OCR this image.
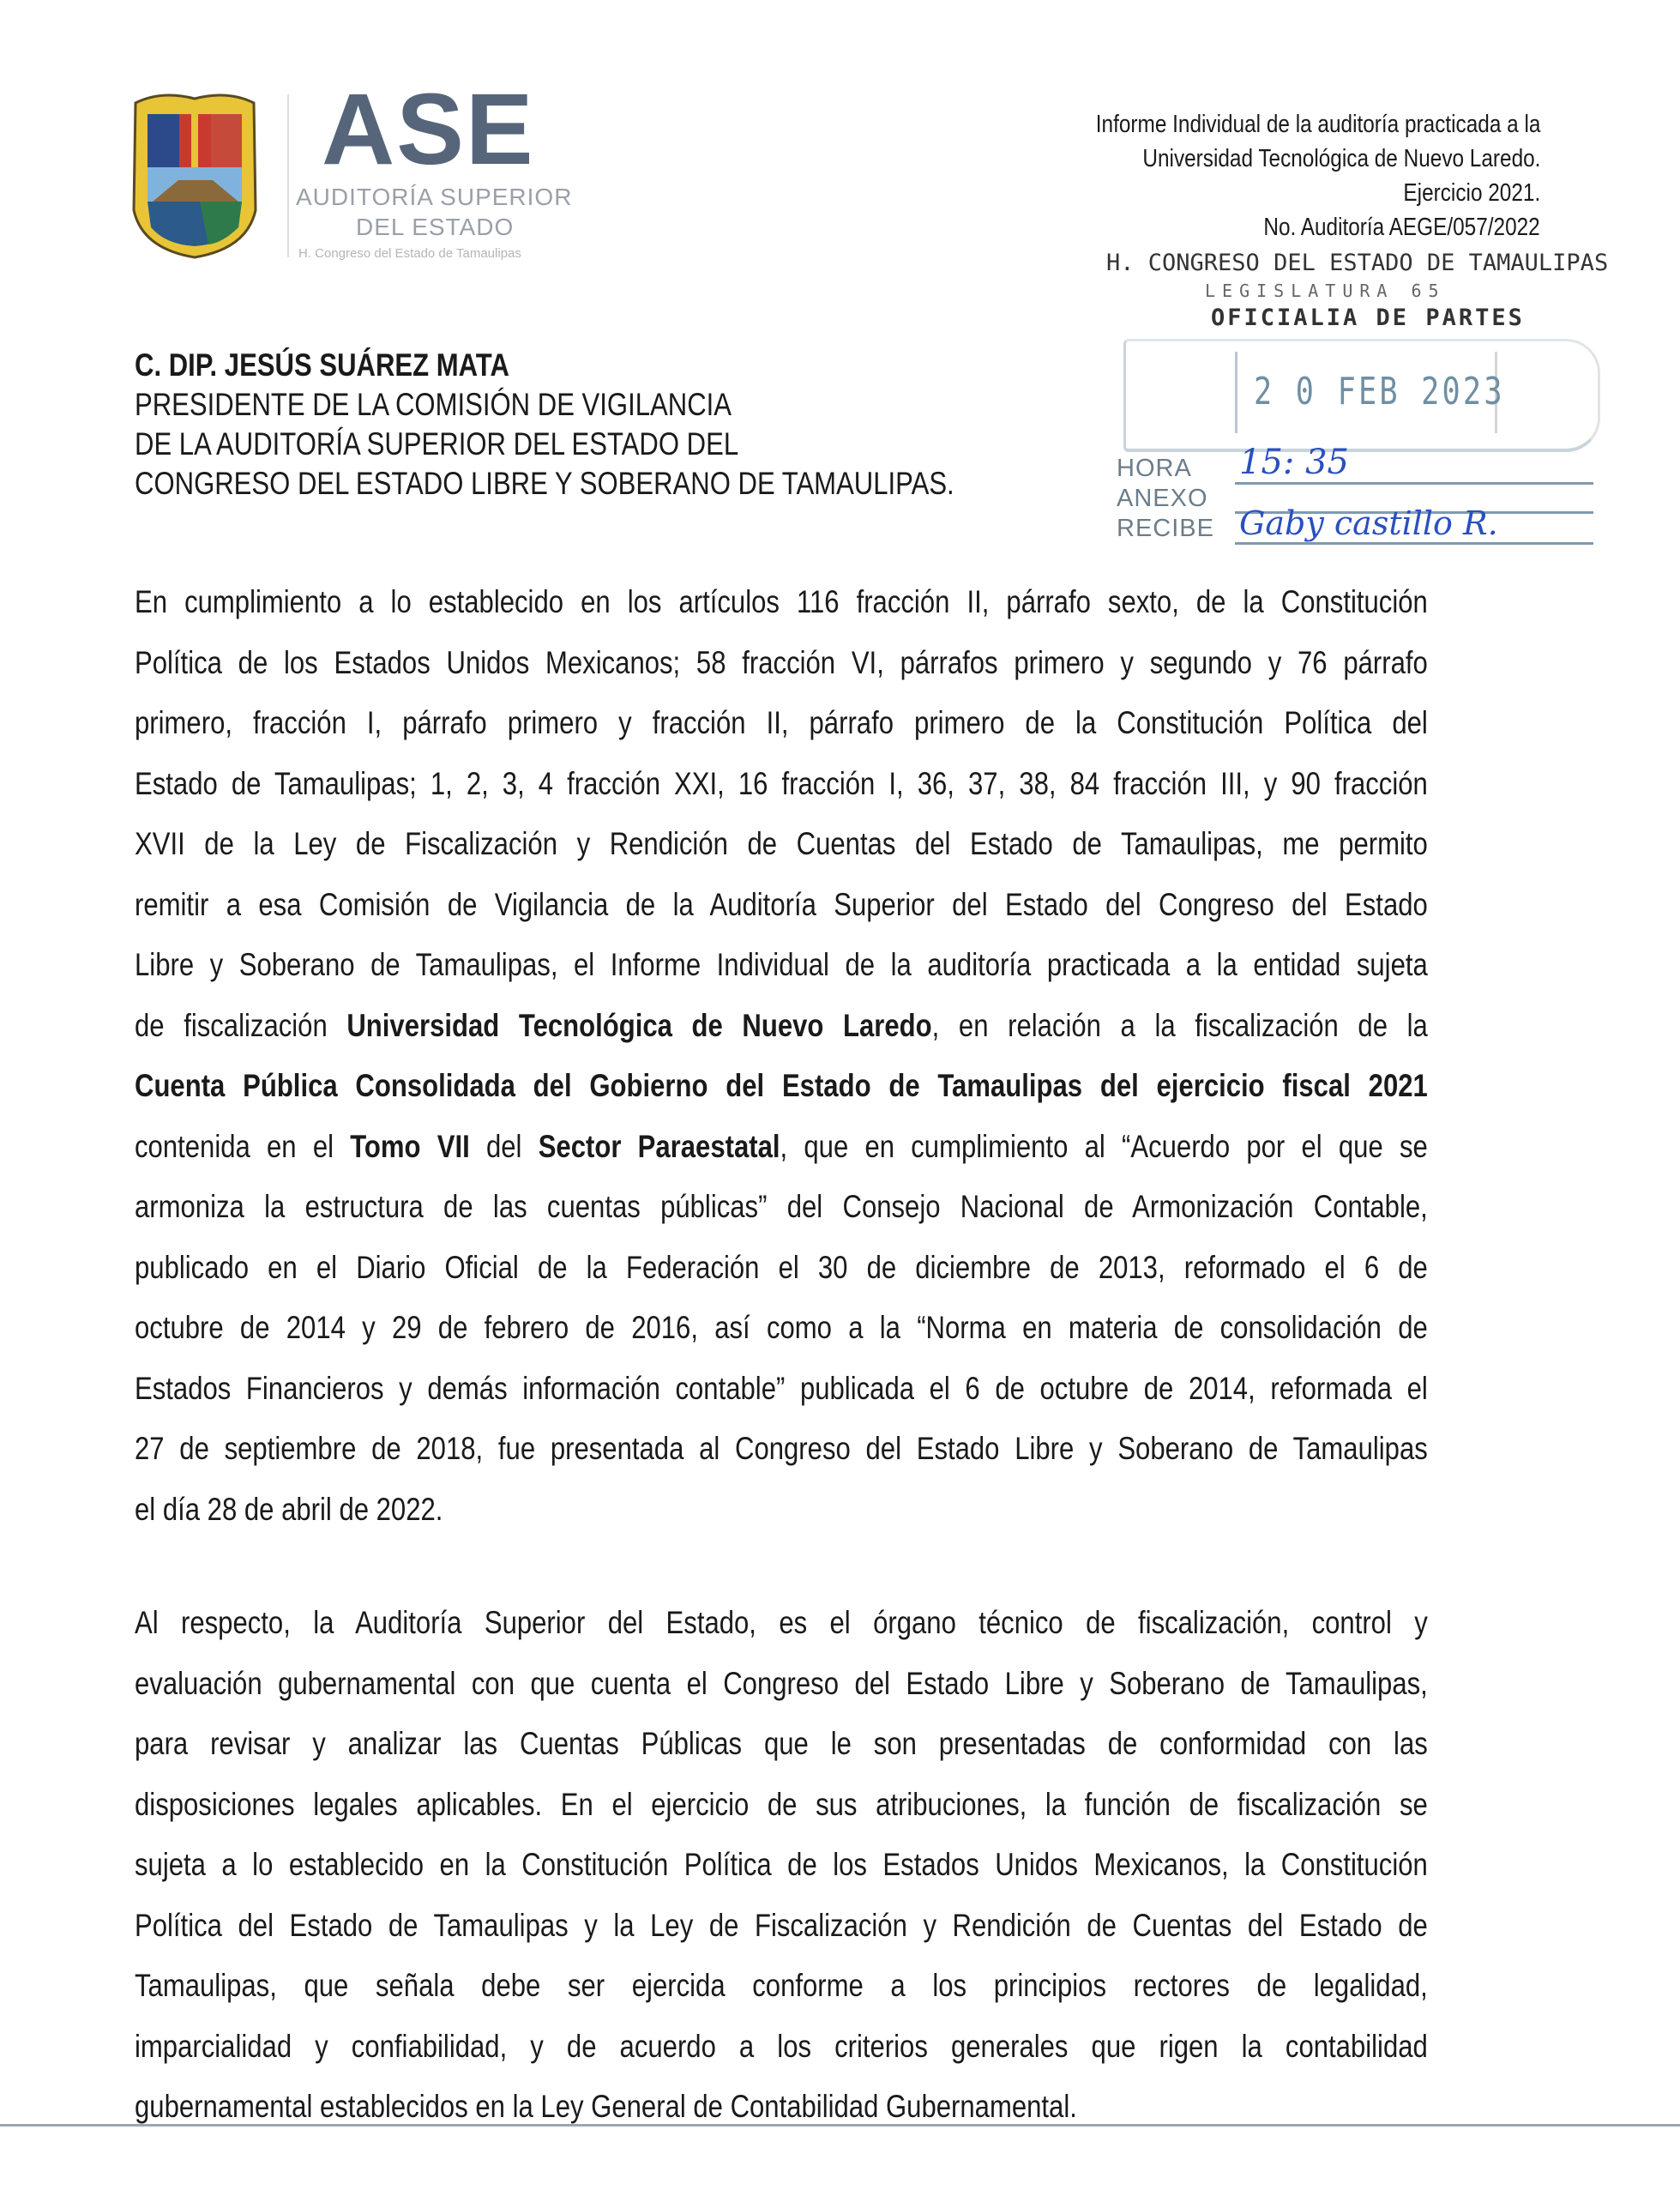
ASE
AUDITORÍA SUPERIOR
DEL ESTADO
H. Congreso del Estado de Tamaulipas
Informe Individual de la auditoría practicada a la
Universidad Tecnológica de Nuevo Laredo.
Ejercicio 2021.
No. Auditoría AEGE/057/2022
H. CONGRESO DEL ESTADO DE TAMAULIPAS
LEGISLATURA 65
OFICIALIA DE PARTES
2 0 FEB 2023
HORA
ANEXO
RECIBE
15: 35
Gaby castillo R.
C. DIP. JESÚS SUÁREZ MATA
PRESIDENTE DE LA COMISIÓN DE VIGILANCIA
DE LA AUDITORÍA SUPERIOR DEL ESTADO DEL
CONGRESO DEL ESTADO LIBRE Y SOBERANO DE TAMAULIPAS.
En cumplimiento a lo establecido en los artículos 116 fracción II, párrafo sexto, de la Constitución
Política de los Estados Unidos Mexicanos; 58 fracción VI, párrafos primero y segundo y 76 párrafo
primero, fracción I, párrafo primero y fracción II, párrafo primero de la Constitución Política del
Estado de Tamaulipas; 1, 2, 3, 4 fracción XXI, 16 fracción I, 36, 37, 38, 84 fracción III, y 90 fracción
XVII de la Ley de Fiscalización y Rendición de Cuentas del Estado de Tamaulipas, me permito
remitir a esa Comisión de Vigilancia de la Auditoría Superior del Estado del Congreso del Estado
Libre y Soberano de Tamaulipas, el Informe Individual de la auditoría practicada a la entidad sujeta
de fiscalización Universidad Tecnológica de Nuevo Laredo, en relación a la fiscalización de la
Cuenta Pública Consolidada del Gobierno del Estado de Tamaulipas del ejercicio fiscal 2021
contenida en el Tomo VII del Sector Paraestatal, que en cumplimiento al “Acuerdo por el que se
armoniza la estructura de las cuentas públicas” del Consejo Nacional de Armonización Contable,
publicado en el Diario Oficial de la Federación el 30 de diciembre de 2013, reformado el 6 de
octubre de 2014 y 29 de febrero de 2016, así como a la “Norma en materia de consolidación de
Estados Financieros y demás información contable” publicada el 6 de octubre de 2014, reformada el
27 de septiembre de 2018, fue presentada al Congreso del Estado Libre y Soberano de Tamaulipas
el día 28 de abril de 2022.
Al respecto, la Auditoría Superior del Estado, es el órgano técnico de fiscalización, control y
evaluación gubernamental con que cuenta el Congreso del Estado Libre y Soberano de Tamaulipas,
para revisar y analizar las Cuentas Públicas que le son presentadas de conformidad con las
disposiciones legales aplicables. En el ejercicio de sus atribuciones, la función de fiscalización se
sujeta a lo establecido en la Constitución Política de los Estados Unidos Mexicanos, la Constitución
Política del Estado de Tamaulipas y la Ley de Fiscalización y Rendición de Cuentas del Estado de
Tamaulipas, que señala debe ser ejercida conforme a los principios rectores de legalidad,
imparcialidad y confiabilidad, y de acuerdo a los criterios generales que rigen la contabilidad
gubernamental establecidos en la Ley General de Contabilidad Gubernamental.
